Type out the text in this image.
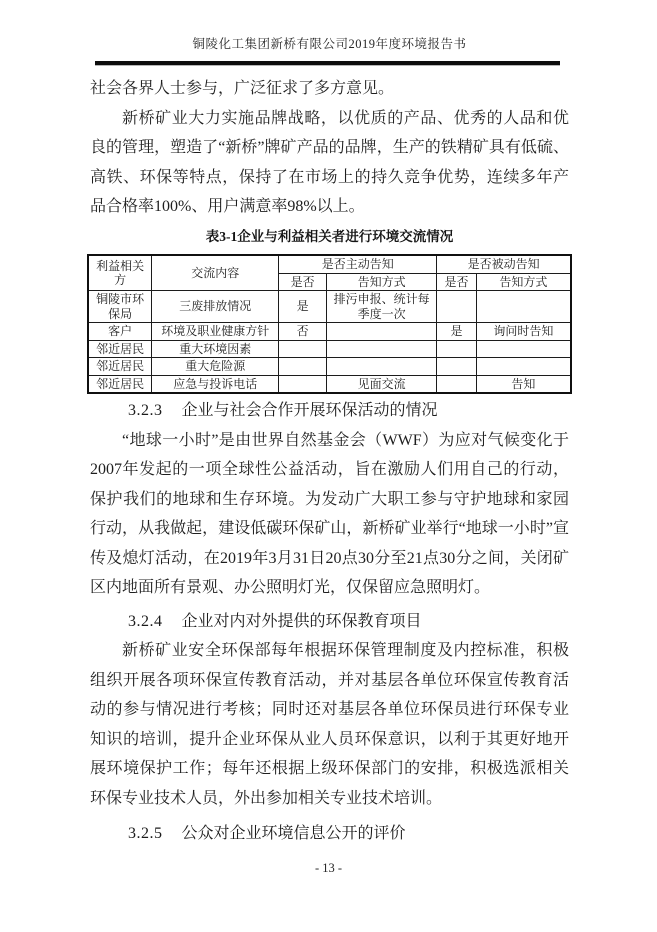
铜陵化工集团新桥有限公司2019年度环境报告书

社会各界人士参与，广泛征求了多方意见。

新桥矿业大力实施品牌战略，以优质的产品、优秀的人品和优良的管理，塑造了“新桥”牌矿产品的品牌，生产的铁精矿具有低硫、高铁、环保等特点，保持了在市场上的持久竞争优势，连续多年产品合格率100%、用户满意率98%以上。

表3-1企业与利益相关者进行环境交流情况
利益相关方	交流内容	是否主动告知		是否被动告知	
		是否	告知方式	是否	告知方式
铜陵市环保局	三废排放情况	是	排污申报、统计每季度一次		
客户	环境及职业健康方针	否		是	询问时告知
邻近居民	重大环境因素				
邻近居民	重大危险源				
邻近居民	应急与投诉电话		见面交流		告知
3.2.3 企业与社会合作开展环保活动的情况

“地球一小时”是由世界自然基金会（WWF）为应对气候变化于2007年发起的一项全球性公益活动，旨在激励人们用自己的行动，保护我们的地球和生存环境。为发动广大职工参与守护地球和家园行动，从我做起，建设低碳环保矿山，新桥矿业举行“地球一小时”宣传及熄灯活动，在2019年3月31日20点30分至21点30分之间，关闭矿区内地面所有景观、办公照明灯光，仅保留应急照明灯。

3.2.4 企业对内对外提供的环保教育项目

新桥矿业安全环保部每年根据环保管理制度及内控标准，积极组织开展各项环保宣传教育活动，并对基层各单位环保宣传教育活动的参与情况进行考核；同时还对基层各单位环保员进行环保专业知识的培训，提升企业环保从业人员环保意识，以利于其更好地开展环境保护工作；每年还根据上级环保部门的安排，积极选派相关环保专业技术人员，外出参加相关专业技术培训。

3.2.5 公众对企业环境信息公开的评价
- 13 -
